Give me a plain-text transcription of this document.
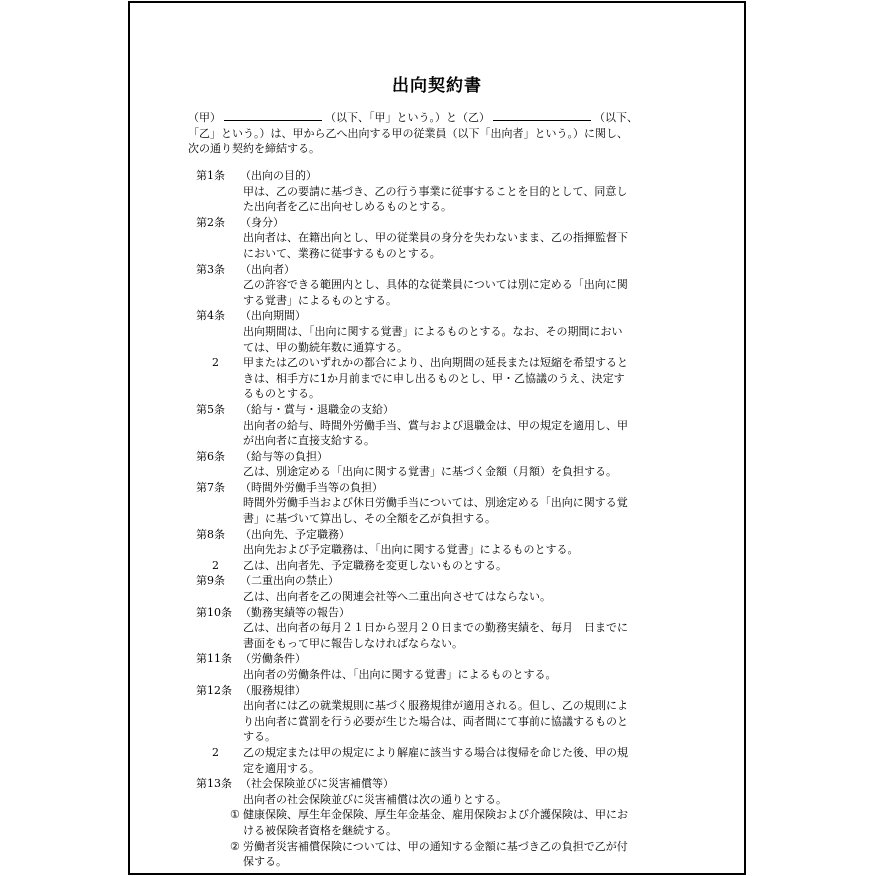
出向契約書
（甲）	（以下、「甲」という。）と（乙）	（以下、
「乙」という。）は、甲から乙へ出向する甲の従業員（以下「出向者」という。）に関し、
次の通り契約を締結する。
第1条	（出向の目的）
甲は、乙の要請に基づき、乙の行う事業に従事することを目的として、同意し
た出向者を乙に出向せしめるものとする。
第2条	（身分）
出向者は、在籍出向とし、甲の従業員の身分を失わないまま、乙の指揮監督下
において、業務に従事するものとする。
第3条	（出向者）
乙の許容できる範囲内とし、具体的な従業員については別に定める「出向に関
する覚書」によるものとする。
第4条	（出向期間）
出向期間は、「出向に関する覚書」によるものとする。なお、その期間におい
ては、甲の勤続年数に通算する。
2	甲または乙のいずれかの都合により、出向期間の延長または短縮を希望すると
きは、相手方に1か月前までに申し出るものとし、甲・乙協議のうえ、決定す
るものとする。
第5条	（給与・賞与・退職金の支給）
出向者の給与、時間外労働手当、賞与および退職金は、甲の規定を適用し、甲
が出向者に直接支給する。
第6条	（給与等の負担）
乙は、別途定める「出向に関する覚書」に基づく金額（月額）を負担する。
第7条	（時間外労働手当等の負担）
時間外労働手当および休日労働手当については、別途定める「出向に関する覚
書」に基づいて算出し、その全額を乙が負担する。
第8条	（出向先、予定職務）
出向先および予定職務は、「出向に関する覚書」によるものとする。
2	乙は、出向者先、予定職務を変更しないものとする。
第9条	（二重出向の禁止）
乙は、出向者を乙の関連会社等へ二重出向させてはならない。
第10条 （勤務実績等の報告）
乙は、出向者の毎月２１日から翌月２０日までの勤務実績を、毎月　日までに
書面をもって甲に報告しなければならない。
第11条 （労働条件）
出向者の労働条件は、「出向に関する覚書」によるものとする。
第12条 （服務規律）
出向者には乙の就業規則に基づく服務規律が適用される。但し、乙の規則によ
り出向者に賞罰を行う必要が生じた場合は、両者間にて事前に協議するものと
する。
2	乙の規定または甲の規定により解雇に該当する場合は復帰を命じた後、甲の規
定を適用する。
第13条 （社会保険並びに災害補償等）
出向者の社会保険並びに災害補償は次の通りとする。
① 健康保険、厚生年金保険、厚生年金基金、雇用保険および介護保険は、甲にお
ける被保険者資格を継続する。
② 労働者災害補償保険については、甲の通知する金額に基づき乙の負担で乙が付
保する。
